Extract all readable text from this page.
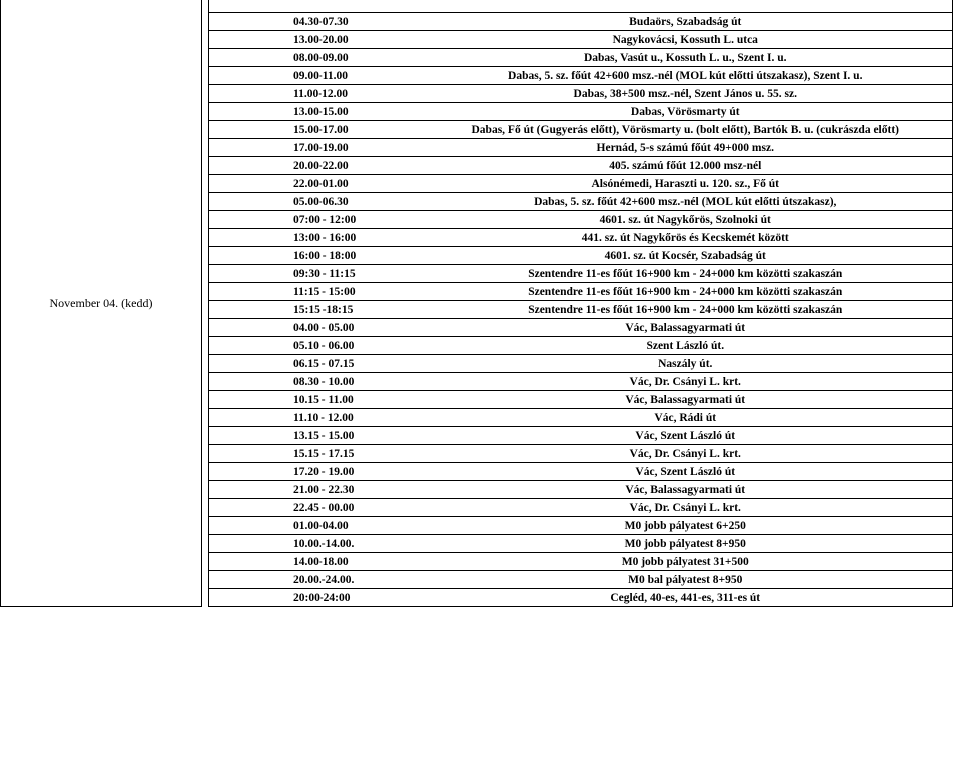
November 04. (kedd)			
		04.30-07.30	Budaörs, Szabadság út
		13.00-20.00	Nagykovácsi, Kossuth L. utca
		08.00-09.00	Dabas, Vasút u., Kossuth L. u., Szent I. u.
		09.00-11.00	Dabas, 5. sz. főút 42+600 msz.-nél (MOL kút előtti útszakasz), Szent I. u.
		11.00-12.00	Dabas, 38+500 msz.-nél, Szent János u. 55. sz.
		13.00-15.00	Dabas, Vörösmarty út
		15.00-17.00	Dabas, Fő út (Gugyerás előtt), Vörösmarty u. (bolt előtt), Bartók B. u. (cukrászda előtt)
		17.00-19.00	Hernád, 5-s számú főút 49+000 msz.
		20.00-22.00	405. számú főút 12.000 msz-nél
		22.00-01.00	Alsónémedi, Haraszti u. 120. sz., Fő út
		05.00-06.30	Dabas, 5. sz. főút 42+600 msz.-nél (MOL kút előtti útszakasz),
		07:00 - 12:00	4601. sz. út Nagykőrös, Szolnoki út
		13:00 - 16:00	441. sz. út Nagykőrös és Kecskemét között
		16:00 - 18:00	4601. sz. út Kocsér, Szabadság út
		09:30 - 11:15	Szentendre 11-es főút 16+900 km - 24+000 km közötti szakaszán
		11:15 - 15:00	Szentendre 11-es főút 16+900 km - 24+000 km közötti szakaszán
		15:15 -18:15	Szentendre 11-es főút 16+900 km - 24+000 km közötti szakaszán
		04.00 - 05.00	Vác, Balassagyarmati út
		05.10 - 06.00	Szent László út.
		06.15 - 07.15	Naszály út.
		08.30 - 10.00	Vác, Dr. Csányi L. krt.
		10.15 - 11.00	Vác, Balassagyarmati út
		11.10 - 12.00	Vác, Rádi út
		13.15 - 15.00	Vác, Szent László út
		15.15 - 17.15	Vác, Dr. Csányi L. krt.
		17.20 - 19.00	Vác, Szent László út
		21.00 - 22.30	Vác, Balassagyarmati út
		22.45 - 00.00	Vác, Dr. Csányi L. krt.
		01.00-04.00	M0 jobb pályatest 6+250
		10.00.-14.00.	M0 jobb pályatest 8+950
		14.00-18.00	M0 jobb pályatest 31+500
		20.00.-24.00.	M0 bal pályatest 8+950
		20:00-24:00	Cegléd, 40-es, 441-es, 311-es út
